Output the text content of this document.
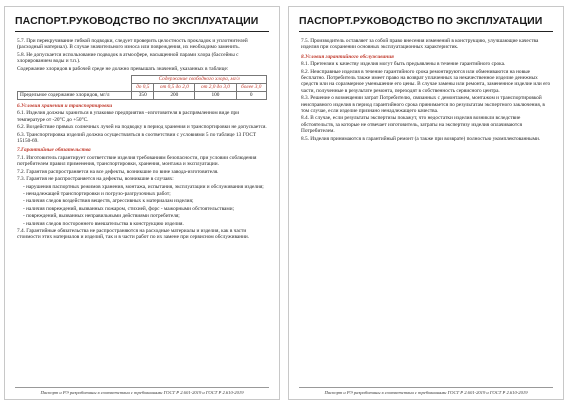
ПАСПОРТ.РУКОВОДСТВО ПО ЭКСПЛУАТАЦИИ

5.7. При перекручивание гибкой подводки, следует проверить целостность прокладок и уплотнителей (расходный материал). В случае значительного износа или повреждения, их необходимо заменить.

5.8. Не допускается использование подводок в атмосфере, насыщенной парами хлора (бассейны с хлорированием воды и т.п.).

Содержание хлоридов в рабочей среде не должно превышать значений, указанных в таблице:

	Содержание свободного хлора, мг/л			
	до 0,5	от 0,5 до 2,0	от 2,0 до 3,0	более 3,0
Предельное содержание хлоридов, мг/л	350	200	100	0

6.Условия хранения и транспортировки

6.1. Изделия должны храниться в упаковке предприятия –изготовителя в распрямленном виде при температуре от -20°С до +50°С.

6.2. Воздействие прямых солнечных лучей на подводку в период хранения и транспортировки не допускается.

6.3. Транспортировка изделий должна осуществляться в соответствии с условиями 5 по таблице 13 ГОСТ 15150-69.

7.Гарантийные обязательства

7.1. Изготовитель гарантирует соответствие изделия требованиям безопасности, при условии соблюдения потребителем правил применения, транспортировки, хранения, монтажа и эксплуатации.

7.2. Гарантия распространяется на все дефекты, возникшие по вине завода-изготовителя.

7.3. Гарантия не распространяется на дефекты, возникшие в случаях:

- нарушения паспортных режимов хранения, монтажа, испытания, эксплуатации и обслуживания изделия;

- ненадлежащей транспортировки и погрузо-разгрузочных работ;

- наличия следов воздействия веществ, агрессивных к материалам изделия;

- наличия повреждений, вызванных пожаром, стихией, форс - мажорными обстоятельствами;

- повреждений, вызванных неправильными действиями потребителя;

- наличия следов постороннего вмешательства в конструкцию изделия.

7.4. Гарантийные обязательства не распространяются на расходные материалы и изделия, как в части стоимости этих материалов и изделий, так и в части работ по их замене при сервисном обслуживании.

Паспорт и РЭ разработаны в соответствии с требованиями ГОСТ Р 2.601-2019 и ГОСТ Р 2.610-2019
ПАСПОРТ.РУКОВОДСТВО ПО ЭКСПЛУАТАЦИИ

7.5. Производитель оставляет за собой право внесения изменений в конструкцию, улучшающие качества изделия при сохранении основных эксплуатационных характеристик.

8.Условия гарантийного обслуживания

8.1. Претензии к качеству изделия могут быть предъявлены в течение гарантийного срока.

8.2. Неисправные изделия в течение гарантийного срока ремонтируются или обмениваются на новые бесплатно. Потребитель также имеет право на возврат уплаченных за некачественное изделие денежных средств или на соразмерное уменьшение его цены. В случае замены или ремонта, замененное изделие или его части, полученные в результате ремонта, переходят в собственность сервисного центра.

8.3. Решение о возмещении затрат Потребителю, связанных с демонтажем, монтажом и транспортировкой неисправного изделия в период гарантийного срока принимается по результатам экспертного заключения, в том случае, если изделие признано ненадлежащего качества.

8.4. В случае, если результаты экспертизы покажут, что недостатки изделия возникли вследствие обстоятельств, за которые не отвечает изготовитель, затраты на экспертизу изделия оплачиваются Потребителем.

8.5. Изделия принимаются в гарантийный ремонт (а также при возврате) полностью укомплектованными.

Паспорт и РЭ разработаны в соответствии с требованиями ГОСТ Р 2.601-2019 и ГОСТ Р 2.610-2019
